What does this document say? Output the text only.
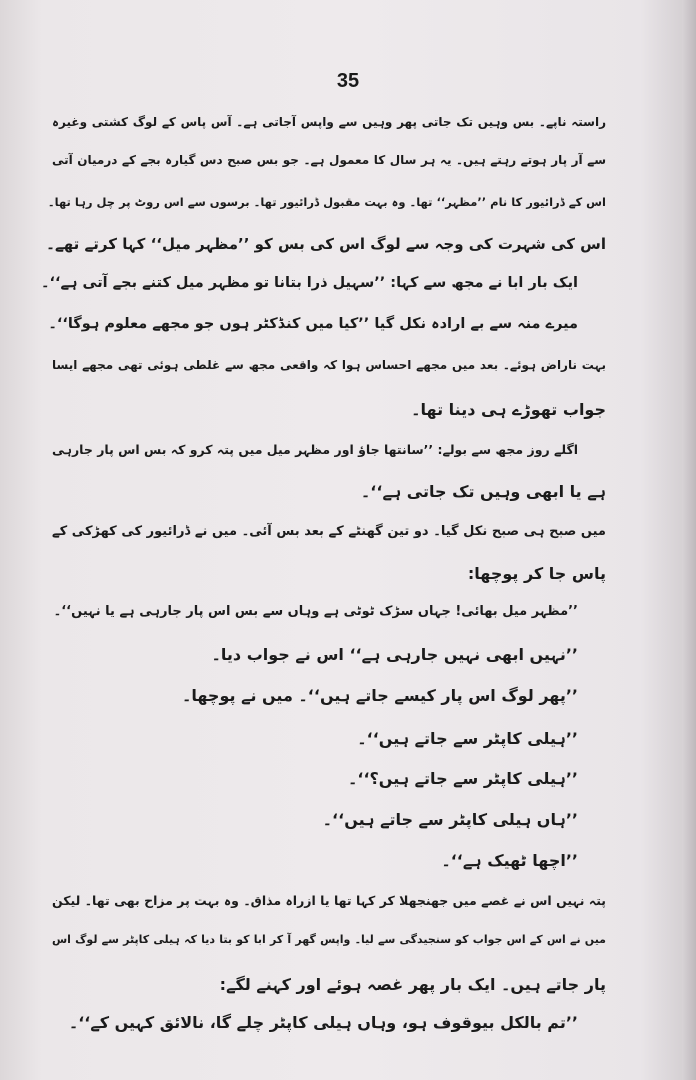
35
راستہ ناپے۔ بس وہیں تک جاتی پھر وہیں سے واپس آجاتی ہے۔ آس پاس کے لوگ کشتی وغیرہ
سے آر پار ہوتے رہتے ہیں۔ یہ ہر سال کا معمول ہے۔ جو بس صبح دس گیارہ بجے کے درمیان آتی
اس کے ڈرائیور کا نام ’’مظہر‘‘ تھا۔ وہ بہت مقبول ڈرائیور تھا۔ برسوں سے اس روٹ پر چل رہا تھا۔
اس کی شہرت کی وجہ سے لوگ اس کی بس کو ’’مظہر میل‘‘ کہا کرتے تھے۔
ایک بار ابا نے مجھ سے کہا: ’’سہیل ذرا بتانا تو مظہر میل کتنے بجے آتی ہے‘‘۔
میرے منہ سے بے ارادہ نکل گیا ’’کیا میں کنڈکٹر ہوں جو مجھے معلوم ہوگا‘‘۔
بہت ناراض ہوئے۔ بعد میں مجھے احساس ہوا کہ واقعی مجھ سے غلطی ہوئی تھی مجھے ایسا
جواب تھوڑے ہی دینا تھا۔
اگلے روز مجھ سے بولے: ’’سانتھا جاؤ اور مظہر میل میں پتہ کرو کہ بس اس پار جارہی
ہے یا ابھی وہیں تک جاتی ہے‘‘۔
میں صبح ہی صبح نکل گیا۔ دو تین گھنٹے کے بعد بس آئی۔ میں نے ڈرائیور کی کھڑکی کے
پاس جا کر پوچھا:
’’مظہر میل بھائی! جہاں سڑک ٹوٹی ہے وہاں سے بس اس پار جارہی ہے یا نہیں‘‘۔
’’نہیں ابھی نہیں جارہی ہے‘‘ اس نے جواب دیا۔
’’پھر لوگ اس پار کیسے جاتے ہیں‘‘۔ میں نے پوچھا۔
’’ہیلی کاپٹر سے جاتے ہیں‘‘۔
’’ہیلی کاپٹر سے جاتے ہیں؟‘‘۔
’’ہاں ہیلی کاپٹر سے جاتے ہیں‘‘۔
’’اچھا ٹھیک ہے‘‘۔
پتہ نہیں اس نے غصے میں جھنجھلا کر کہا تھا یا ازراہ مذاق۔ وہ بہت پر مزاح بھی تھا۔ لیکن
میں نے اس کے اس جواب کو سنجیدگی سے لیا۔ واپس گھر آ کر ابا کو بتا دیا کہ ہیلی کاپٹر سے لوگ اس
پار جاتے ہیں۔ ایک بار پھر غصہ ہوئے اور کہنے لگے:
’’تم بالکل بیوقوف ہو، وہاں ہیلی کاپٹر چلے گا، نالائق کہیں کے‘‘۔
